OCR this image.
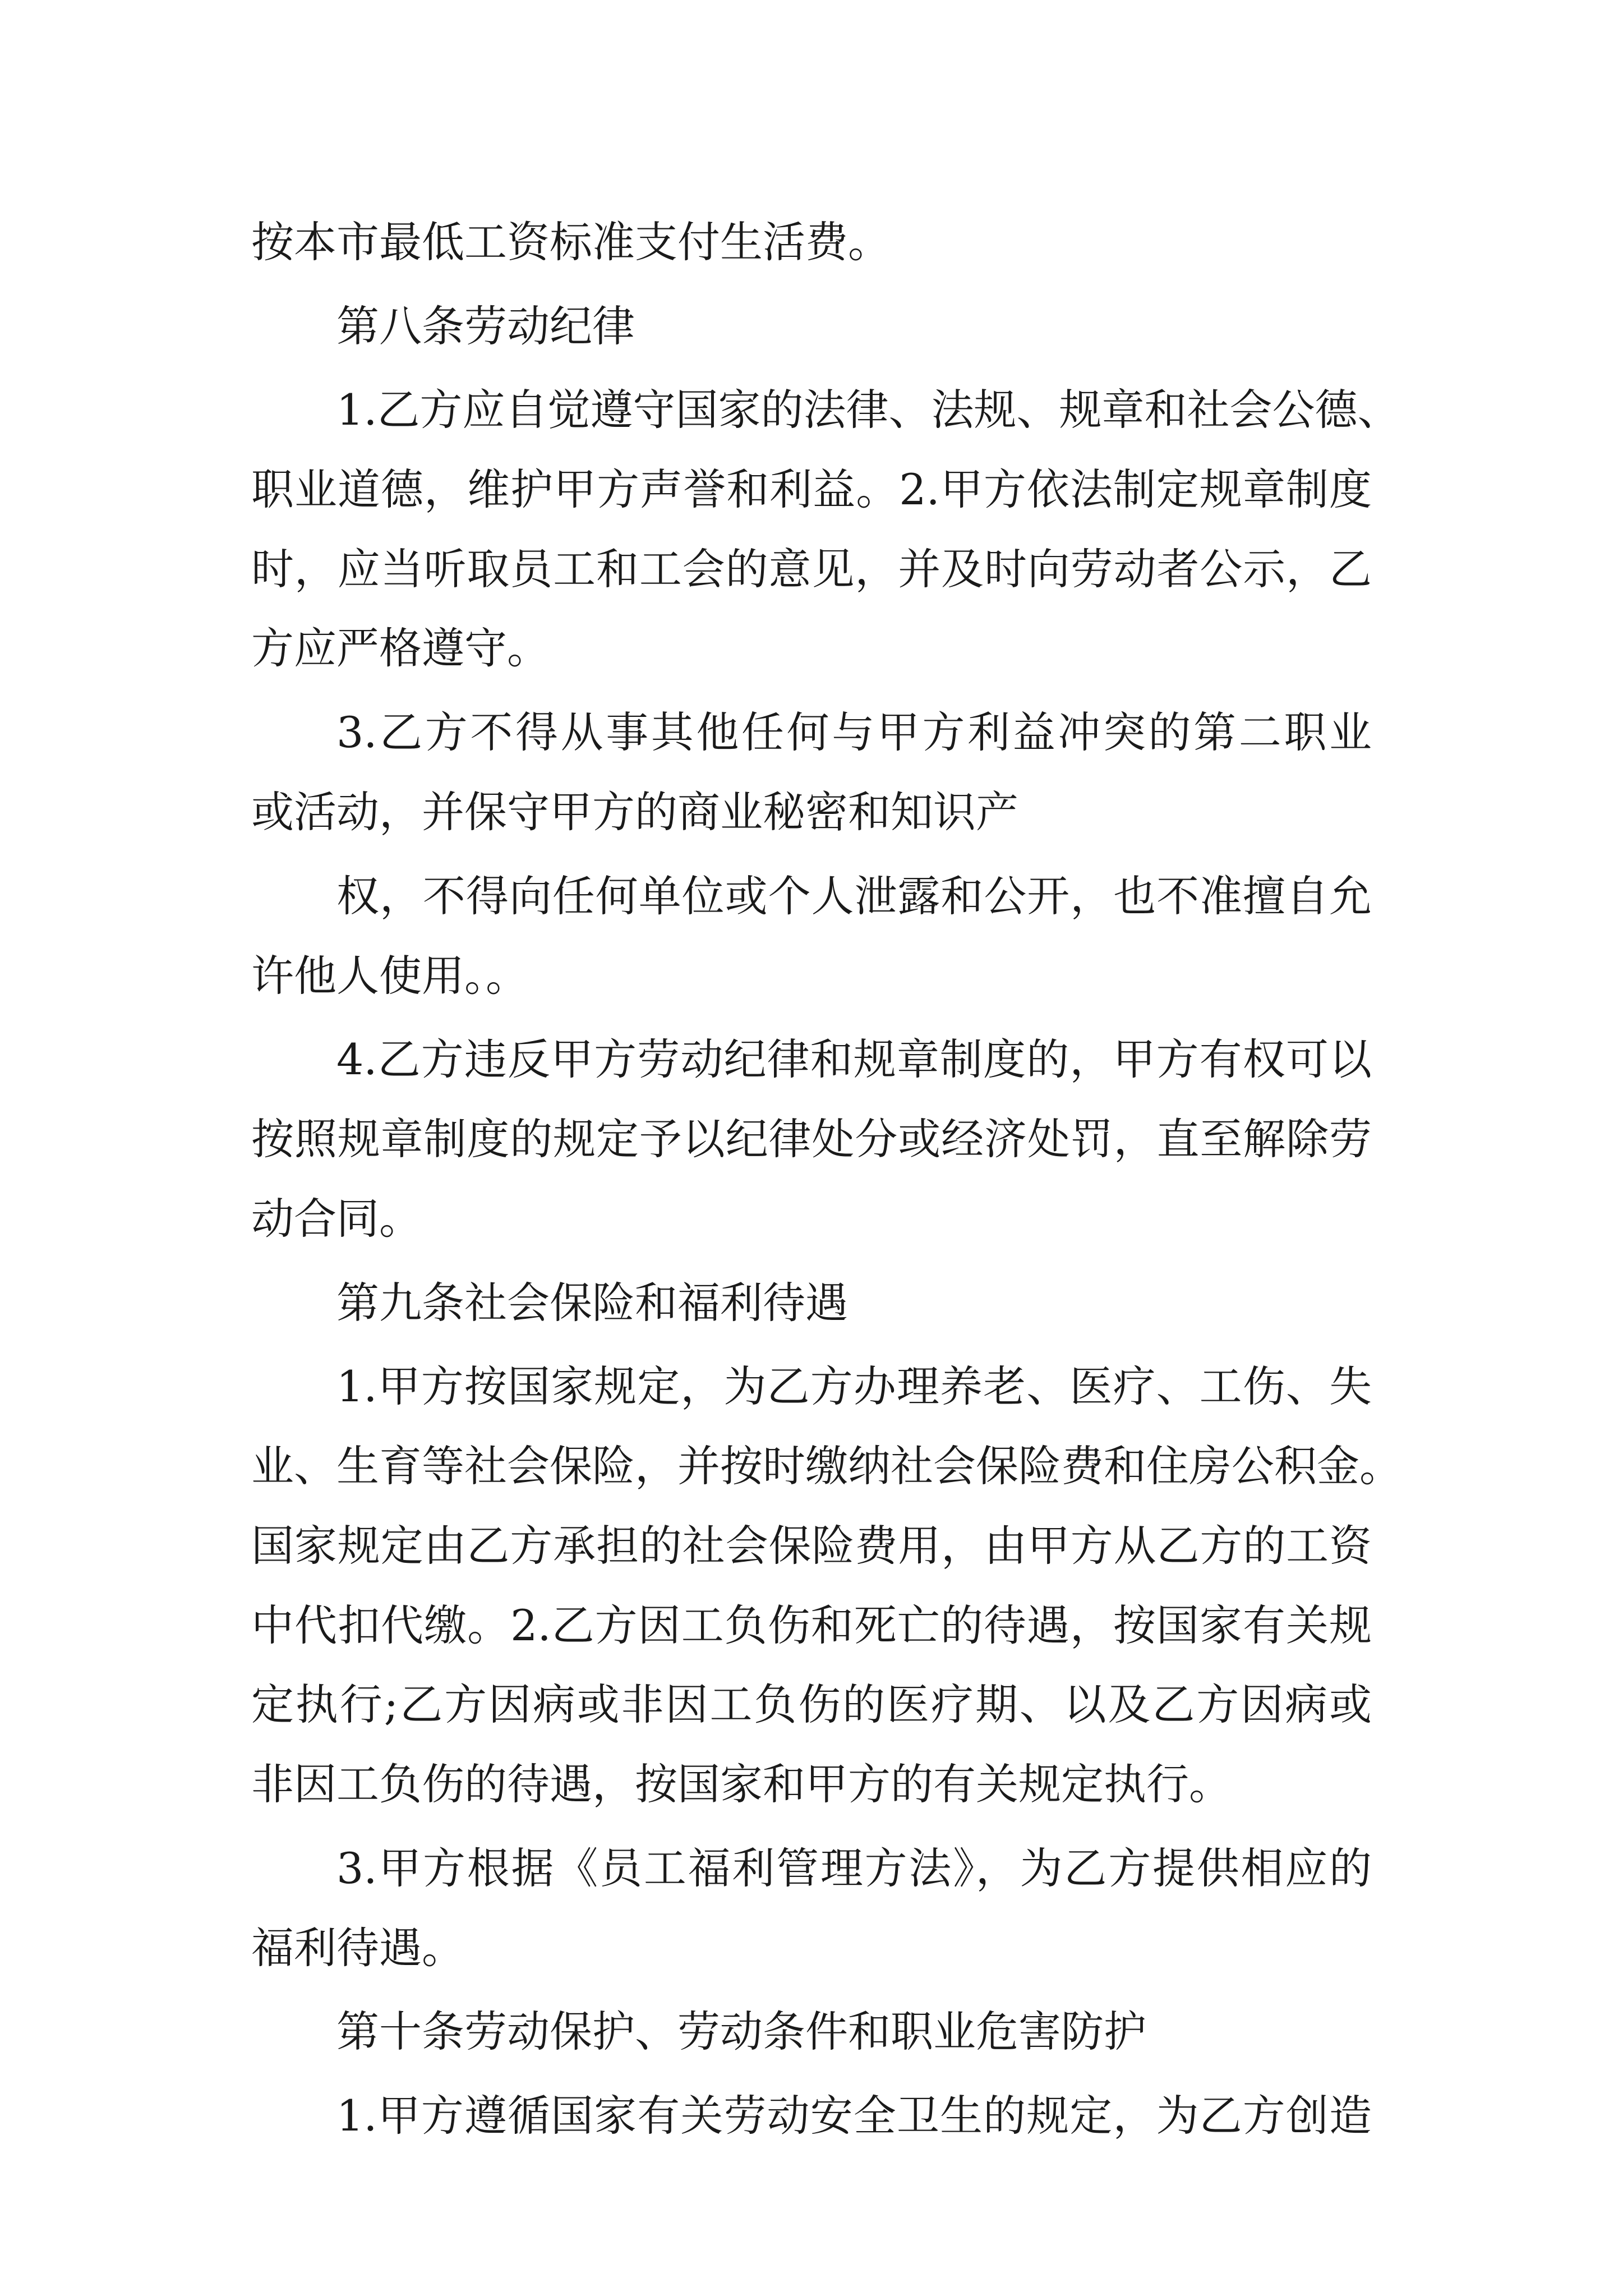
按本市最低工资标准支付生活费。

第八条劳动纪律

1.乙方应自觉遵守国家的法律、法规、规章和社会公德、

职业道德，维护甲方声誉和利益。2.甲方依法制定规章制度

时，应当听取员工和工会的意见，并及时向劳动者公示，乙

方应严格遵守。

3.乙方不得从事其他任何与甲方利益冲突的第二职业

或活动，并保守甲方的商业秘密和知识产

权，不得向任何单位或个人泄露和公开，也不准擅自允

许他人使用。。

4.乙方违反甲方劳动纪律和规章制度的，甲方有权可以

按照规章制度的规定予以纪律处分或经济处罚，直至解除劳

动合同。

第九条社会保险和福利待遇

1.甲方按国家规定，为乙方办理养老、医疗、工伤、失

业、生育等社会保险，并按时缴纳社会保险费和住房公积金。

国家规定由乙方承担的社会保险费用，由甲方从乙方的工资

中代扣代缴。2.乙方因工负伤和死亡的待遇，按国家有关规

定执行;乙方因病或非因工负伤的医疗期、以及乙方因病或

非因工负伤的待遇，按国家和甲方的有关规定执行。

3.甲方根据《员工福利管理方法》，为乙方提供相应的

福利待遇。

第十条劳动保护、劳动条件和职业危害防护

1.甲方遵循国家有关劳动安全卫生的规定，为乙方创造
